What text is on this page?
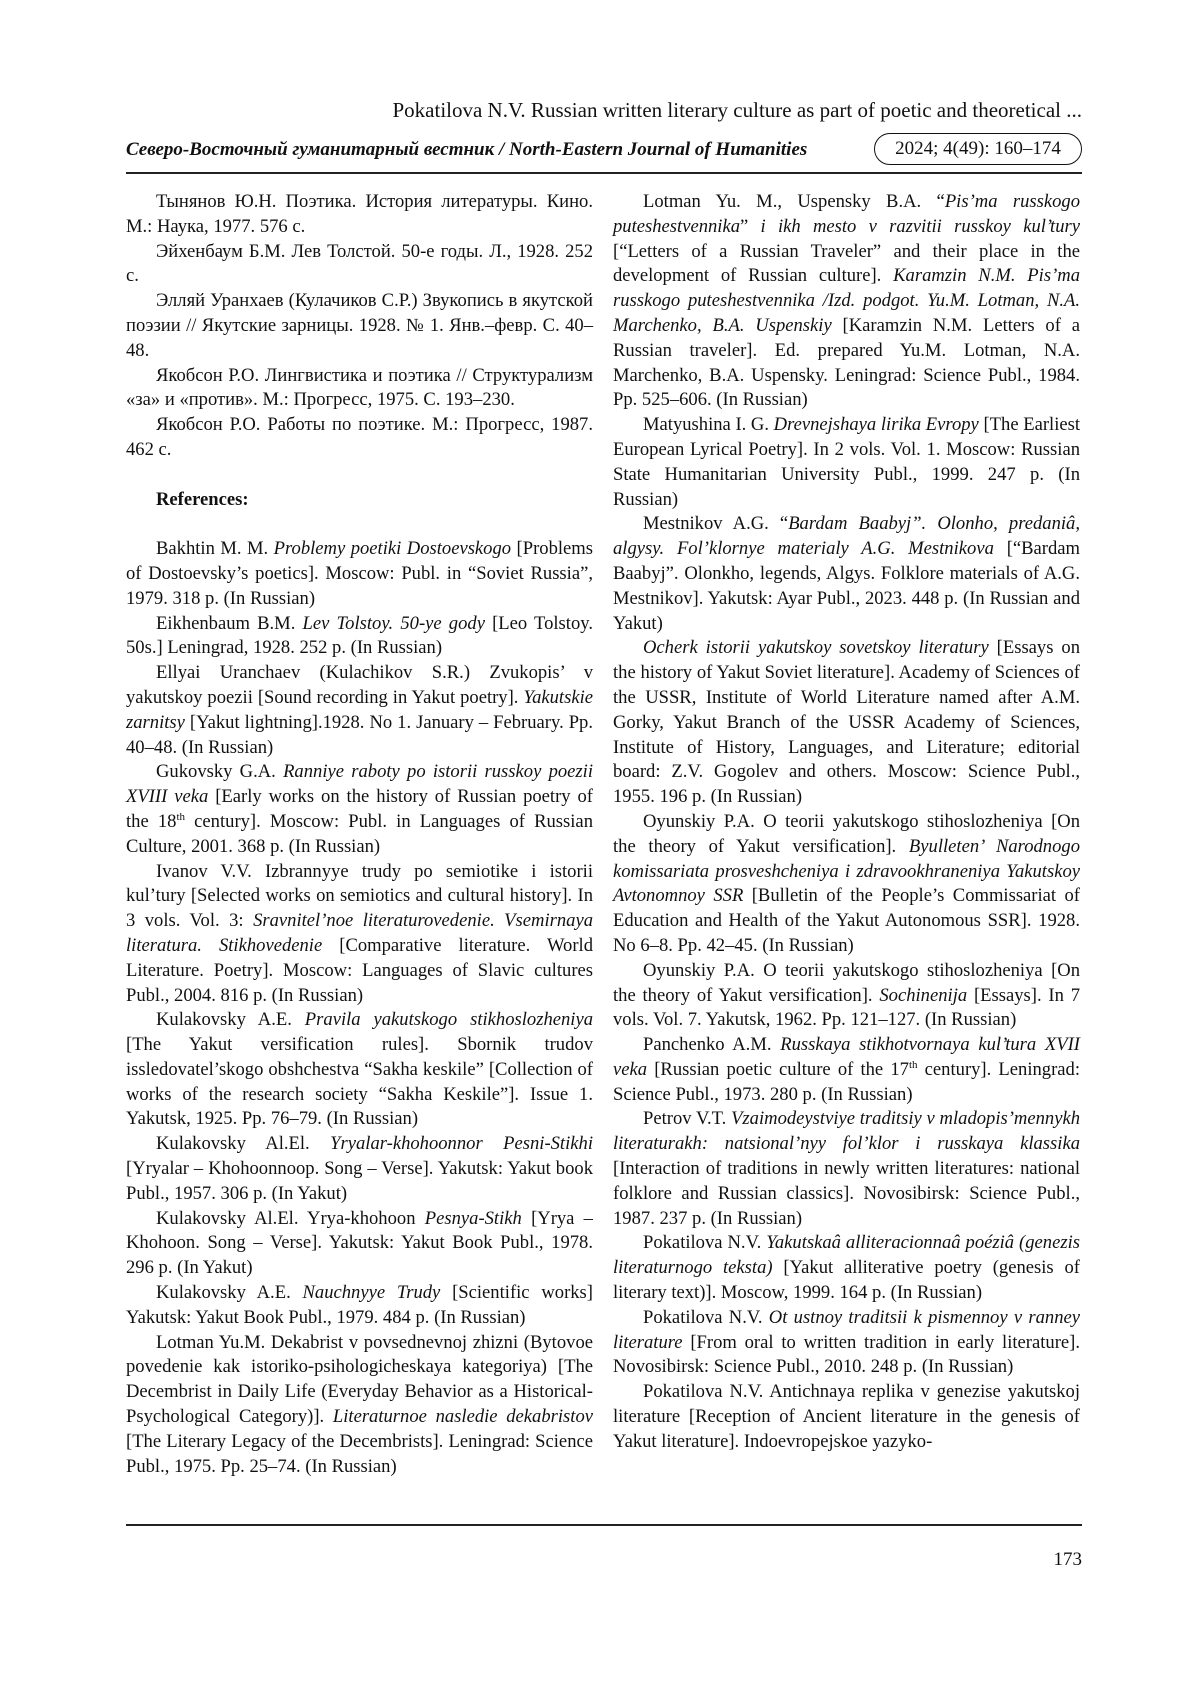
Pokatilova N.V. Russian written literary culture as part of poetic and theoretical ...
Северо-Восточный гуманитарный вестник / North-Eastern Journal of Humanities	2024; 4(49): 160–174

Тынянов Ю.Н. Поэтика. История литературы. Кино. М.: Наука, 1977. 576 с.

Эйхенбаум Б.М. Лев Толстой. 50-е годы. Л., 1928. 252 с.

Элляй Уранхаев (Кулачиков С.Р.) Звукопись в якутской поэзии // Якутские зарницы. 1928. № 1. Янв.–февр. С. 40–48.

Якобсон Р.О. Лингвистика и поэтика // Структурализм «за» и «против». М.: Прогресс, 1975. С. 193–230.

Якобсон Р.О. Работы по поэтике. М.: Прогресс, 1987. 462 с.

References:

Bakhtin M. M. Problemy poetiki Dostoevskogo [Problems of Dostoevsky’s poetics]. Moscow: Publ. in “Soviet Russia”, 1979. 318 p. (In Russian)

Eikhenbaum B.M. Lev Tolstoy. 50-ye gody [Leo Tolstoy. 50s.] Leningrad, 1928. 252 p. (In Russian)

Ellyai Uranchaev (Kulachikov S.R.) Zvukopis’ v yakutskoy poezii [Sound recording in Yakut poetry]. Yakutskie zarnitsy [Yakut lightning].1928. No 1. January – February. Pp. 40–48. (In Russian)

Gukovsky G.A. Ranniye raboty po istorii russkoy poezii XVIII veka [Early works on the history of Russian poetry of the 18th century]. Moscow: Publ. in Languages of Russian Culture, 2001. 368 p. (In Russian)

Ivanov V.V. Izbrannyye trudy po semiotike i istorii kul’tury [Selected works on semiotics and cultural history]. In 3 vols. Vol. 3: Sravnitel’noe literaturovedenie. Vsemirnaya literatura. Stikhovedenie [Comparative literature. World Literature. Poetry]. Moscow: Languages of Slavic cultures Publ., 2004. 816 p. (In Russian)

Kulakovsky A.E. Pravila yakutskogo stikhoslozheniya [The Yakut versification rules]. Sbornik trudov issledovatel’skogo obshchestva “Sakha keskile” [Collection of works of the research society “Sakha Keskile”]. Issue 1. Yakutsk, 1925. Pp. 76–79. (In Russian)

Kulakovsky Al.El. Yryalar-khohoonnor Pesni-Stikhi [Yryalar – Khohoonnoop. Song – Verse]. Yakutsk: Yakut book Publ., 1957. 306 p. (In Yakut)

Kulakovsky Al.El. Yrya-khohoon Pesnya-Stikh [Yrya – Khohoon. Song – Verse]. Yakutsk: Yakut Book Publ., 1978. 296 p. (In Yakut)

Kulakovsky A.E. Nauchnyye Trudy [Scientific works] Yakutsk: Yakut Book Publ., 1979. 484 p. (In Russian)

Lotman Yu.M. Dekabrist v povsednevnoj zhizni (Bytovoe povedenie kak istoriko-psihologicheskaya kategoriya) [The Decembrist in Daily Life (Everyday Behavior as a Historical-Psychological Category)]. Literaturnoe nasledie dekabristov [The Literary Legacy of the Decembrists]. Leningrad: Science Publ., 1975. Pp. 25–74. (In Russian)

Lotman Yu. M., Uspensky B.A. “Pis’ma russkogo puteshestvennika” i ikh mesto v razvitii russkoy kul’tury [“Letters of a Russian Traveler” and their place in the development of Russian culture]. Karamzin N.M. Pis’ma russkogo puteshestvennika /Izd. podgot. Yu.M. Lotman, N.A. Marchenko, B.A. Uspenskiy [Karamzin N.M. Letters of a Russian traveler]. Ed. prepared Yu.M. Lotman, N.A. Marchenko, B.A. Uspensky. Leningrad: Science Publ., 1984. Pp. 525–606. (In Russian)

Matyushina I. G. Drevnejshaya lirika Evropy [The Earliest European Lyrical Poetry]. In 2 vols. Vol. 1. Moscow: Russian State Humanitarian University Publ., 1999. 247 p. (In Russian)

Mestnikov A.G. “Bardam Baabyj”. Olonho, predaniâ, algysy. Fol’klornye materialy A.G. Mestnikova [“Bardam Baabyj”. Olonkho, legends, Algys. Folklore materials of A.G. Mestnikov]. Yakutsk: Ayar Publ., 2023. 448 p. (In Russian and Yakut)

Ocherk istorii yakutskoy sovetskoy literatury [Essays on the history of Yakut Soviet literature]. Academy of Sciences of the USSR, Institute of World Literature named after A.M. Gorky, Yakut Branch of the USSR Academy of Sciences, Institute of History, Languages, and Literature; editorial board: Z.V. Gogolev and others. Moscow: Science Publ., 1955. 196 p. (In Russian)

Oyunskiy P.A. O teorii yakutskogo stihoslozheniya [On the theory of Yakut versification]. Byulleten’ Narodnogo komissariata prosveshcheniya i zdravookhraneniya Yakutskoy Avtonomnoy SSR [Bulletin of the People’s Commissariat of Education and Health of the Yakut Autonomous SSR]. 1928. No 6–8. Pp. 42–45. (In Russian)

Oyunskiy P.A. O teorii yakutskogo stihoslozheniya [On the theory of Yakut versification]. Sochinenija [Essays]. In 7 vols. Vol. 7. Yakutsk, 1962. Pp. 121–127. (In Russian)

Panchenko A.M. Russkaya stikhotvornaya kul’tura XVII veka [Russian poetic culture of the 17th century]. Leningrad: Science Publ., 1973. 280 p. (In Russian)

Petrov V.T. Vzaimodeystviye traditsiy v mladopis’mennykh literaturakh: natsional’nyy fol’klor i russkaya klassika [Interaction of traditions in newly written literatures: national folklore and Russian classics]. Novosibirsk: Science Publ., 1987. 237 p. (In Russian)

Pokatilova N.V. Yakutskaâ alliteracionnaâ poéziâ (genezis literaturnogo teksta) [Yakut alliterative poetry (genesis of literary text)]. Moscow, 1999. 164 p. (In Russian)

Pokatilova N.V. Ot ustnoy traditsii k pismennoy v ranney literature [From oral to written tradition in early literature]. Novosibirsk: Science Publ., 2010. 248 p. (In Russian)

Pokatilova N.V. Antichnaya replika v genezise yakutskoj literature [Reception of Ancient literature in the genesis of Yakut literature]. Indoevropejskoe yazyko-

173
